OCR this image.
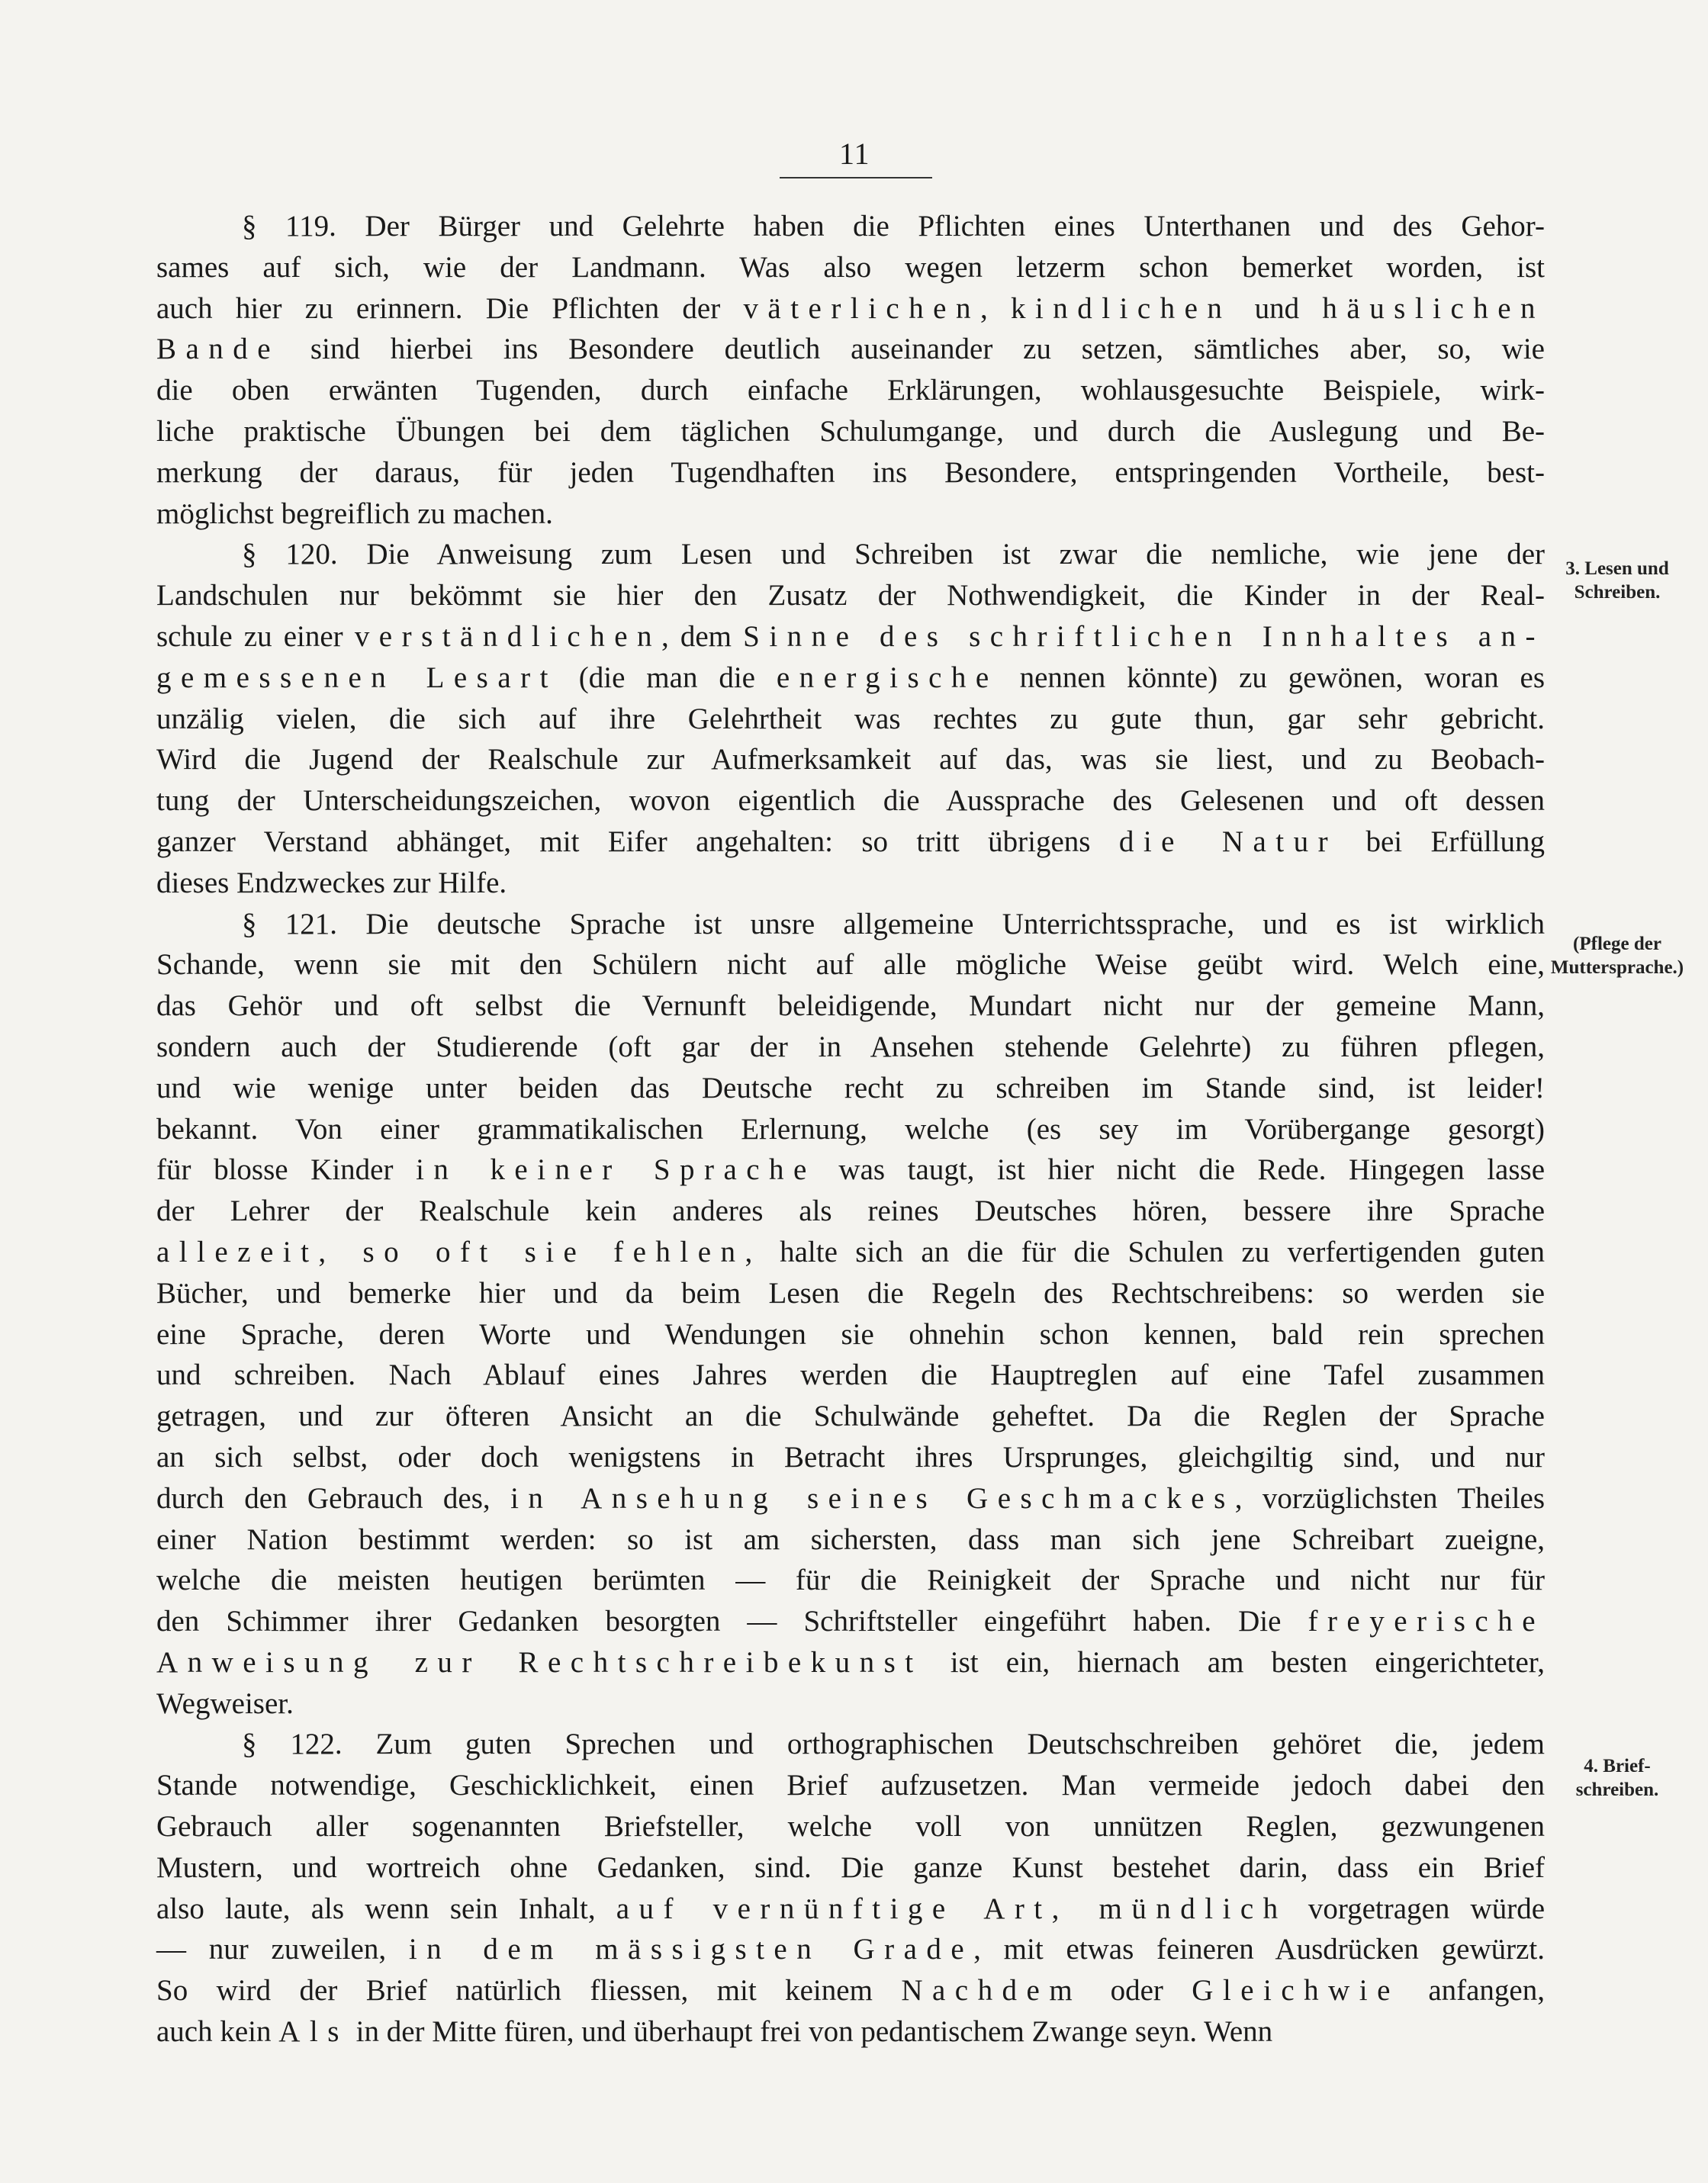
11
§ 119. Der Bürger und Gelehrte haben die Pflichten eines Unterthanen und des Gehor-
sames auf sich, wie der Landmann. Was also wegen letzerm schon bemerket worden, ist
auch hier zu erinnern. Die Pflichten der väterlichen, kindlichen und häuslichen
Bande sind hierbei ins Besondere deutlich auseinander zu setzen, sämtliches aber, so, wie
die oben erwänten Tugenden, durch einfache Erklärungen, wohlausgesuchte Beispiele, wirk-
liche praktische Übungen bei dem täglichen Schulumgange, und durch die Auslegung und Be-
merkung der daraus, für jeden Tugendhaften ins Besondere, entspringenden Vortheile, best-
möglichst begreiflich zu machen.
§ 120. Die Anweisung zum Lesen und Schreiben ist zwar die nemliche, wie jene der
Landschulen nur bekömmt sie hier den Zusatz der Nothwendigkeit, die Kinder in der Real-
schule zu einer verständlichen, dem Sinne des schriftlichen Innhaltes an-
gemessenen Lesart (die man die energische nennen könnte) zu gewönen, woran es
unzälig vielen, die sich auf ihre Gelehrtheit was rechtes zu gute thun, gar sehr gebricht.
Wird die Jugend der Realschule zur Aufmerksamkeit auf das, was sie liest, und zu Beobach-
tung der Unterscheidungszeichen, wovon eigentlich die Aussprache des Gelesenen und oft dessen
ganzer Verstand abhänget, mit Eifer angehalten: so tritt übrigens die Natur bei Erfüllung
dieses Endzweckes zur Hilfe.
§ 121. Die deutsche Sprache ist unsre allgemeine Unterrichtssprache, und es ist wirklich
Schande, wenn sie mit den Schülern nicht auf alle mögliche Weise geübt wird. Welch eine,
das Gehör und oft selbst die Vernunft beleidigende, Mundart nicht nur der gemeine Mann,
sondern auch der Studierende (oft gar der in Ansehen stehende Gelehrte) zu führen pflegen,
und wie wenige unter beiden das Deutsche recht zu schreiben im Stande sind, ist leider!
bekannt. Von einer grammatikalischen Erlernung, welche (es sey im Vorübergange gesorgt)
für blosse Kinder in keiner Sprache was taugt, ist hier nicht die Rede. Hingegen lasse
der Lehrer der Realschule kein anderes als reines Deutsches hören, bessere ihre Sprache
allezeit, so oft sie fehlen, halte sich an die für die Schulen zu verfertigenden guten
Bücher, und bemerke hier und da beim Lesen die Regeln des Rechtschreibens: so werden sie
eine Sprache, deren Worte und Wendungen sie ohnehin schon kennen, bald rein sprechen
und schreiben. Nach Ablauf eines Jahres werden die Hauptreglen auf eine Tafel zusammen
getragen, und zur öfteren Ansicht an die Schulwände geheftet. Da die Reglen der Sprache
an sich selbst, oder doch wenigstens in Betracht ihres Ursprunges, gleichgiltig sind, und nur
durch den Gebrauch des, in Ansehung seines Geschmackes, vorzüglichsten Theiles
einer Nation bestimmt werden: so ist am sichersten, dass man sich jene Schreibart zueigne,
welche die meisten heutigen berümten — für die Reinigkeit der Sprache und nicht nur für
den Schimmer ihrer Gedanken besorgten — Schriftsteller eingeführt haben. Die freyerische
Anweisung zur Rechtschreibekunst ist ein, hiernach am besten eingerichteter,
Wegweiser.
§ 122. Zum guten Sprechen und orthographischen Deutschschreiben gehöret die, jedem
Stande notwendige, Geschicklichkeit, einen Brief aufzusetzen. Man vermeide jedoch dabei den
Gebrauch aller sogenannten Briefsteller, welche voll von unnützen Reglen, gezwungenen
Mustern, und wortreich ohne Gedanken, sind. Die ganze Kunst bestehet darin, dass ein Brief
also laute, als wenn sein Inhalt, auf vernünftige Art, mündlich vorgetragen würde
— nur zuweilen, in dem mässigsten Grade, mit etwas feineren Ausdrücken gewürzt.
So wird der Brief natürlich fliessen, mit keinem Nachdem oder Gleichwie anfangen,
auch kein Als in der Mitte füren, und überhaupt frei von pedantischem Zwange seyn. Wenn
3. Lesen und Schreiben.
(Pflege der Muttersprache.)
4. Brief-schreiben.
